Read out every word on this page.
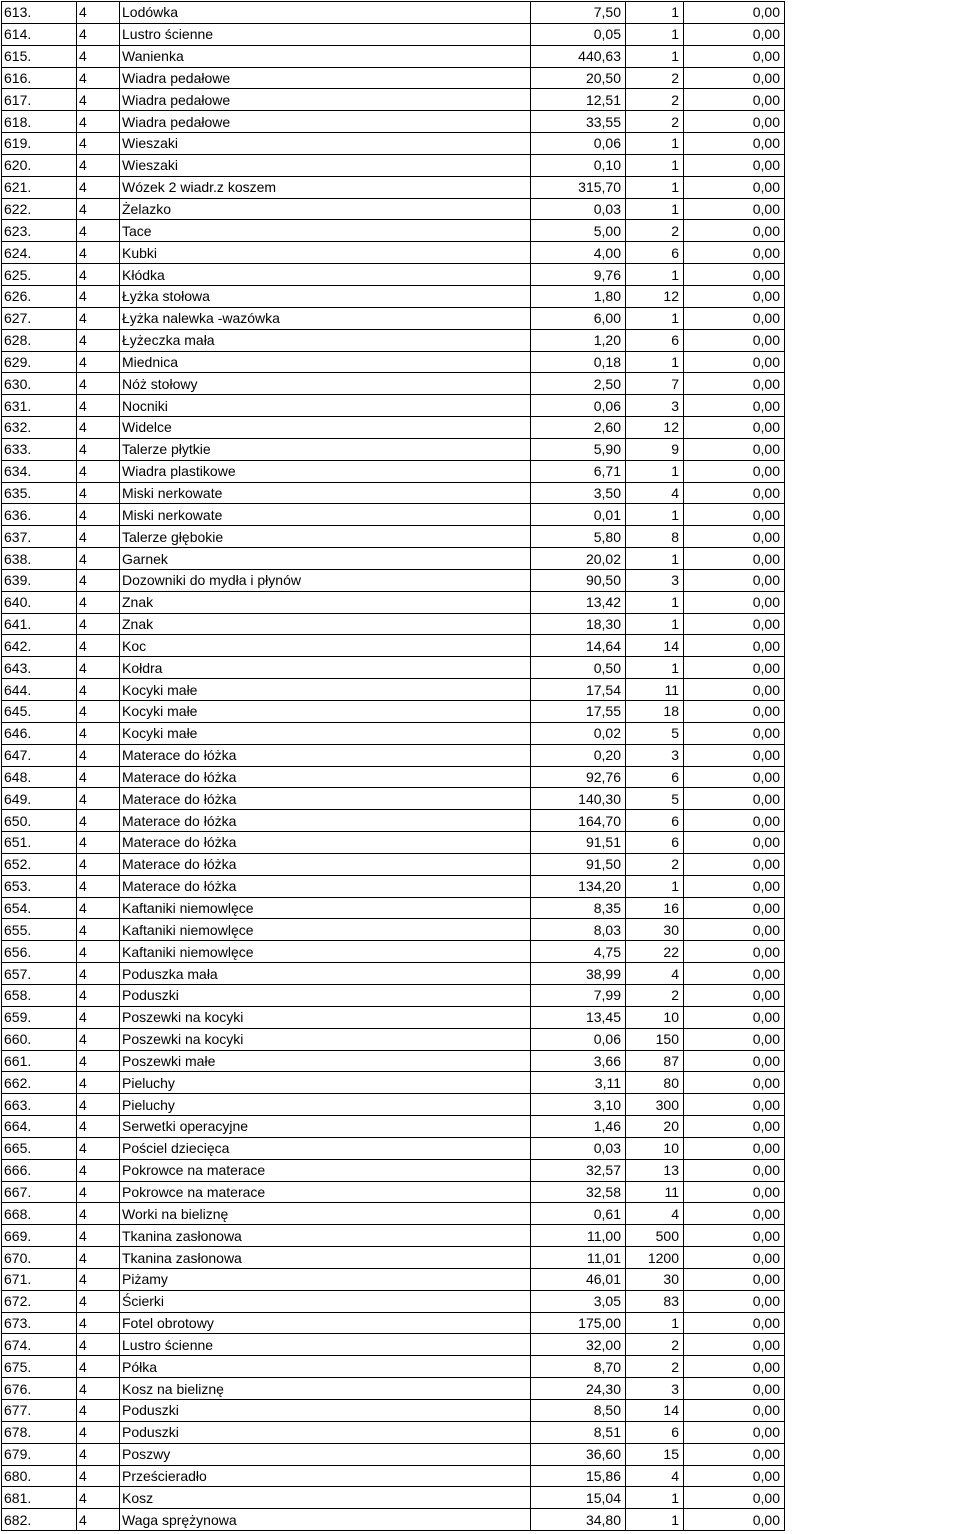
613.	4	Lodówka	7,50	1	0,00
614.	4	Lustro ścienne	0,05	1	0,00
615.	4	Wanienka	440,63	1	0,00
616.	4	Wiadra pedałowe	20,50	2	0,00
617.	4	Wiadra pedałowe	12,51	2	0,00
618.	4	Wiadra pedałowe	33,55	2	0,00
619.	4	Wieszaki	0,06	1	0,00
620.	4	Wieszaki	0,10	1	0,00
621.	4	Wózek 2 wiadr.z koszem	315,70	1	0,00
622.	4	Żelazko	0,03	1	0,00
623.	4	Tace	5,00	2	0,00
624.	4	Kubki	4,00	6	0,00
625.	4	Kłódka	9,76	1	0,00
626.	4	Łyżka stołowa	1,80	12	0,00
627.	4	Łyżka nalewka -wazówka	6,00	1	0,00
628.	4	Łyżeczka mała	1,20	6	0,00
629.	4	Miednica	0,18	1	0,00
630.	4	Nóż stołowy	2,50	7	0,00
631.	4	Nocniki	0,06	3	0,00
632.	4	Widelce	2,60	12	0,00
633.	4	Talerze płytkie	5,90	9	0,00
634.	4	Wiadra plastikowe	6,71	1	0,00
635.	4	Miski nerkowate	3,50	4	0,00
636.	4	Miski nerkowate	0,01	1	0,00
637.	4	Talerze głębokie	5,80	8	0,00
638.	4	Garnek	20,02	1	0,00
639.	4	Dozowniki do mydła i płynów	90,50	3	0,00
640.	4	Znak	13,42	1	0,00
641.	4	Znak	18,30	1	0,00
642.	4	Koc	14,64	14	0,00
643.	4	Kołdra	0,50	1	0,00
644.	4	Kocyki małe	17,54	11	0,00
645.	4	Kocyki małe	17,55	18	0,00
646.	4	Kocyki małe	0,02	5	0,00
647.	4	Materace do łóżka	0,20	3	0,00
648.	4	Materace do łóżka	92,76	6	0,00
649.	4	Materace do łóżka	140,30	5	0,00
650.	4	Materace do łóżka	164,70	6	0,00
651.	4	Materace do łóżka	91,51	6	0,00
652.	4	Materace do łóżka	91,50	2	0,00
653.	4	Materace do łóżka	134,20	1	0,00
654.	4	Kaftaniki niemowlęce	8,35	16	0,00
655.	4	Kaftaniki niemowlęce	8,03	30	0,00
656.	4	Kaftaniki niemowlęce	4,75	22	0,00
657.	4	Poduszka mała	38,99	4	0,00
658.	4	Poduszki	7,99	2	0,00
659.	4	Poszewki na kocyki	13,45	10	0,00
660.	4	Poszewki na kocyki	0,06	150	0,00
661.	4	Poszewki małe	3,66	87	0,00
662.	4	Pieluchy	3,11	80	0,00
663.	4	Pieluchy	3,10	300	0,00
664.	4	Serwetki operacyjne	1,46	20	0,00
665.	4	Pościel dziecięca	0,03	10	0,00
666.	4	Pokrowce na materace	32,57	13	0,00
667.	4	Pokrowce na materace	32,58	11	0,00
668.	4	Worki na bieliznę	0,61	4	0,00
669.	4	Tkanina zasłonowa	11,00	500	0,00
670.	4	Tkanina zasłonowa	11,01	1200	0,00
671.	4	Piżamy	46,01	30	0,00
672.	4	Ścierki	3,05	83	0,00
673.	4	Fotel obrotowy	175,00	1	0,00
674.	4	Lustro ścienne	32,00	2	0,00
675.	4	Półka	8,70	2	0,00
676.	4	Kosz na bieliznę	24,30	3	0,00
677.	4	Poduszki	8,50	14	0,00
678.	4	Poduszki	8,51	6	0,00
679.	4	Poszwy	36,60	15	0,00
680.	4	Prześcieradło	15,86	4	0,00
681.	4	Kosz	15,04	1	0,00
682.	4	Waga sprężynowa	34,80	1	0,00
